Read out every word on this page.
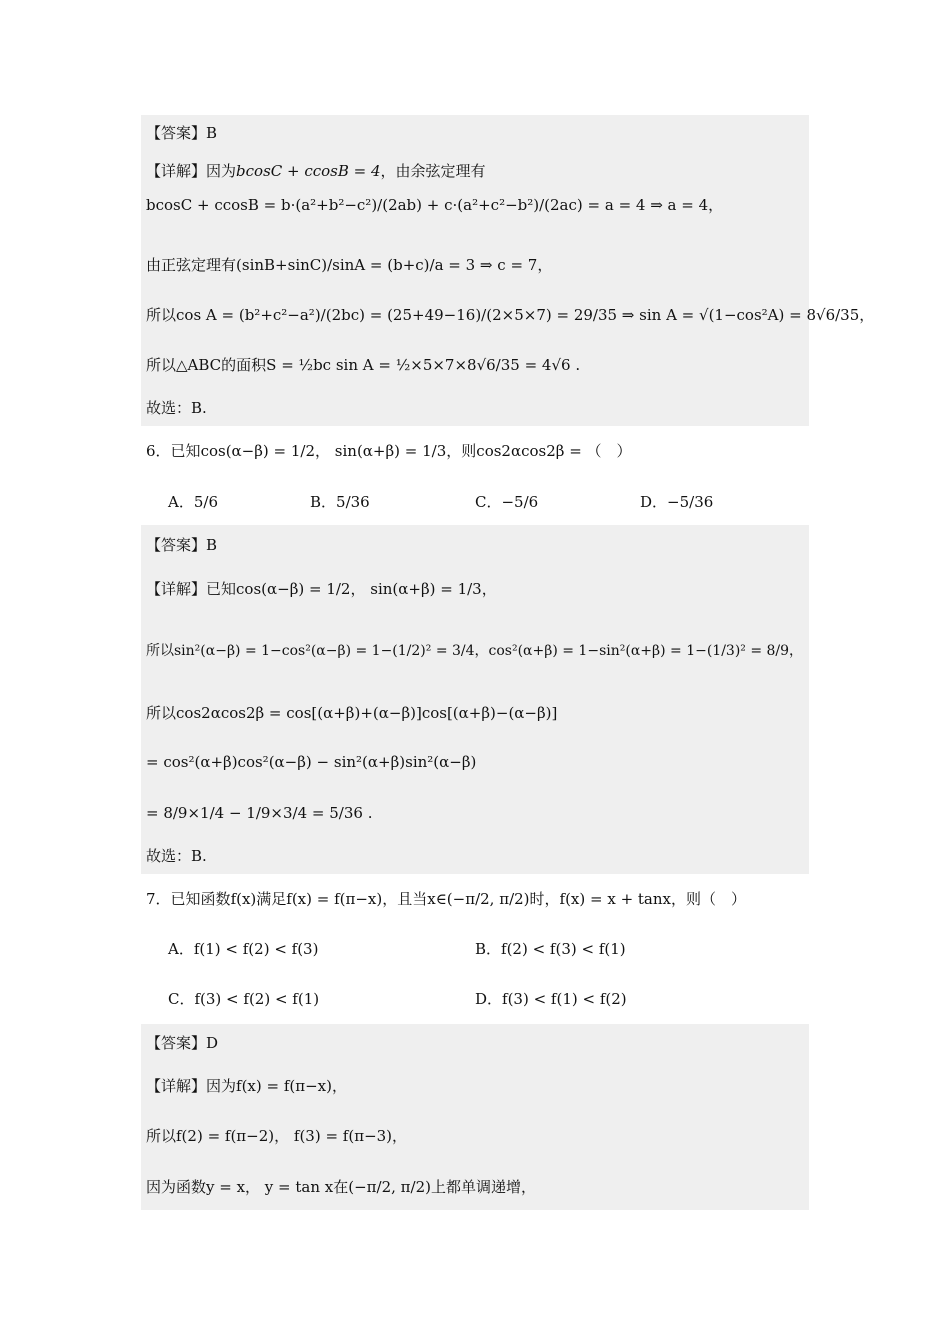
【答案】B
【详解】因为bcosC + ccosB = 4，由余弦定理有
bcosC + ccosB = b·(a²+b²−c²)/(2ab) + c·(a²+c²−b²)/(2ac) = a = 4 ⇒ a = 4，
由正弦定理有(sinB+sinC)/sinA = (b+c)/a = 3 ⇒ c = 7，
所以cos A = (b²+c²−a²)/(2bc) = (25+49−16)/(2×5×7) = 29/35 ⇒ sin A = √(1−cos²A) = 8√6/35，
所以△ABC的面积S = ½bc sin A = ½×5×7×8√6/35 = 4√6 .
故选：B.
6．已知cos(α−β) = 1/2， sin(α+β) = 1/3，则cos2αcos2β = （　）
A．5/6	B．5/36	C．−5/6	D．−5/36
【答案】B
【详解】已知cos(α−β) = 1/2， sin(α+β) = 1/3，
所以sin²(α−β) = 1−cos²(α−β) = 1−(1/2)² = 3/4，cos²(α+β) = 1−sin²(α+β) = 1−(1/3)² = 8/9，
所以cos2αcos2β = cos[(α+β)+(α−β)]cos[(α+β)−(α−β)]
= cos²(α+β)cos²(α−β) − sin²(α+β)sin²(α−β)
= 8/9×1/4 − 1/9×3/4 = 5/36 .
故选：B.
7．已知函数f(x)满足f(x) = f(π−x)，且当x∈(−π/2, π/2)时，f(x) = x + tanx，则（　）
A．f(1) < f(2) < f(3)	B．f(2) < f(3) < f(1)
C．f(3) < f(2) < f(1)	D．f(3) < f(1) < f(2)
【答案】D
【详解】因为f(x) = f(π−x)，
所以f(2) = f(π−2)， f(3) = f(π−3)，
因为函数y = x， y = tan x在(−π/2, π/2)上都单调递增，
